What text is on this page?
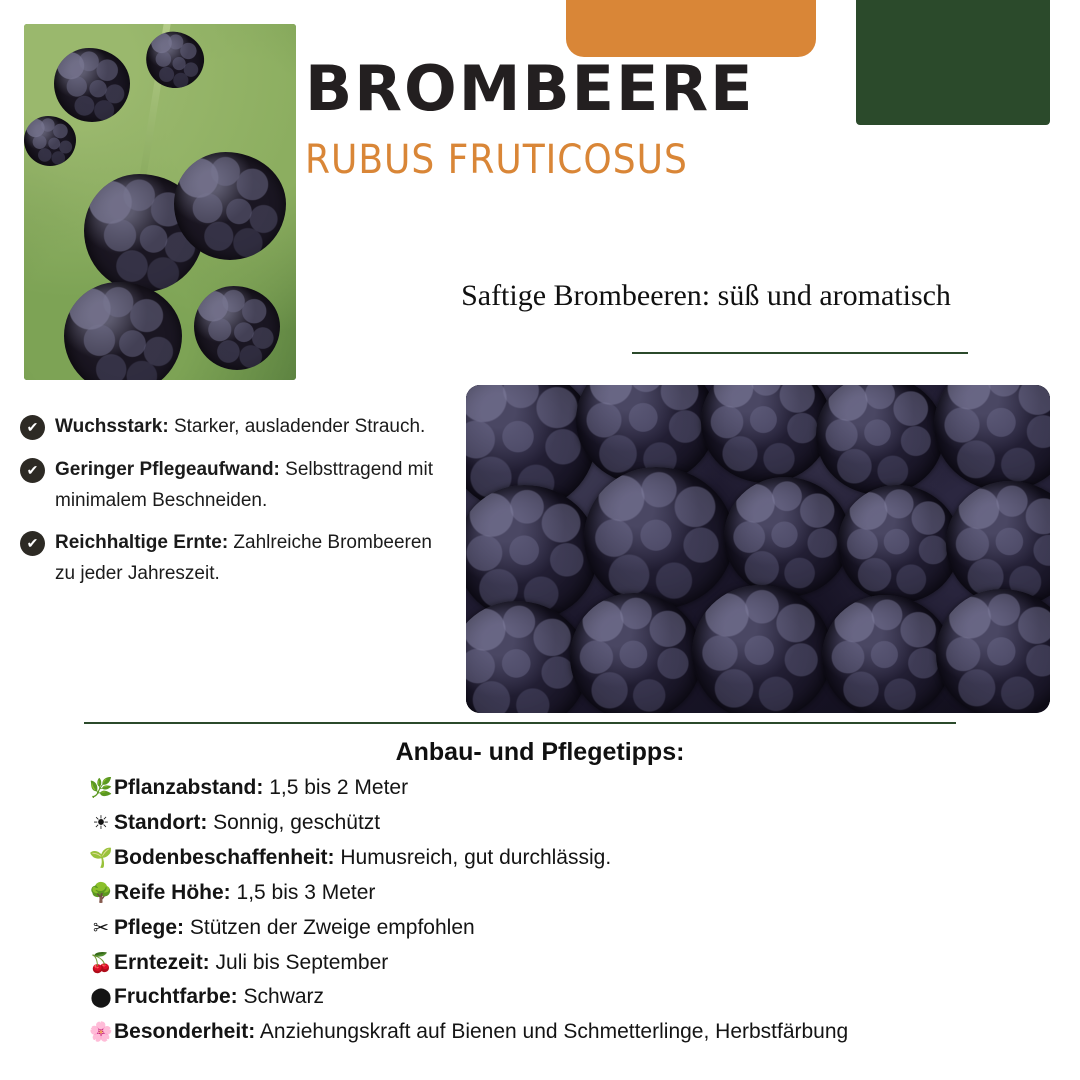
BROMBEERE
RUBUS FRUTICOSUS
Saftige Brombeeren: süß und aromatisch
✔ Wuchsstark: Starker, ausladender Strauch.
✔ Geringer Pflegeaufwand: Selbsttragend mit minimalem Beschneiden.
✔ Reichhaltige Ernte: Zahlreiche Brombeeren zu jeder Jahreszeit.
Anbau- und Pflegetipps:
🌿Pflanzabstand: 1,5 bis 2 Meter
☀ Standort: Sonnig, geschützt
🌱Bodenbeschaffenheit: Humusreich, gut durchlässig.
🌳Reife Höhe: 1,5 bis 3 Meter
✂ Pflege: Stützen der Zweige empfohlen
🍒Erntezeit: Juli bis September
⬤ Fruchtfarbe: Schwarz
🌸Besonderheit: Anziehungskraft auf Bienen und Schmetterlinge, Herbstfärbung
